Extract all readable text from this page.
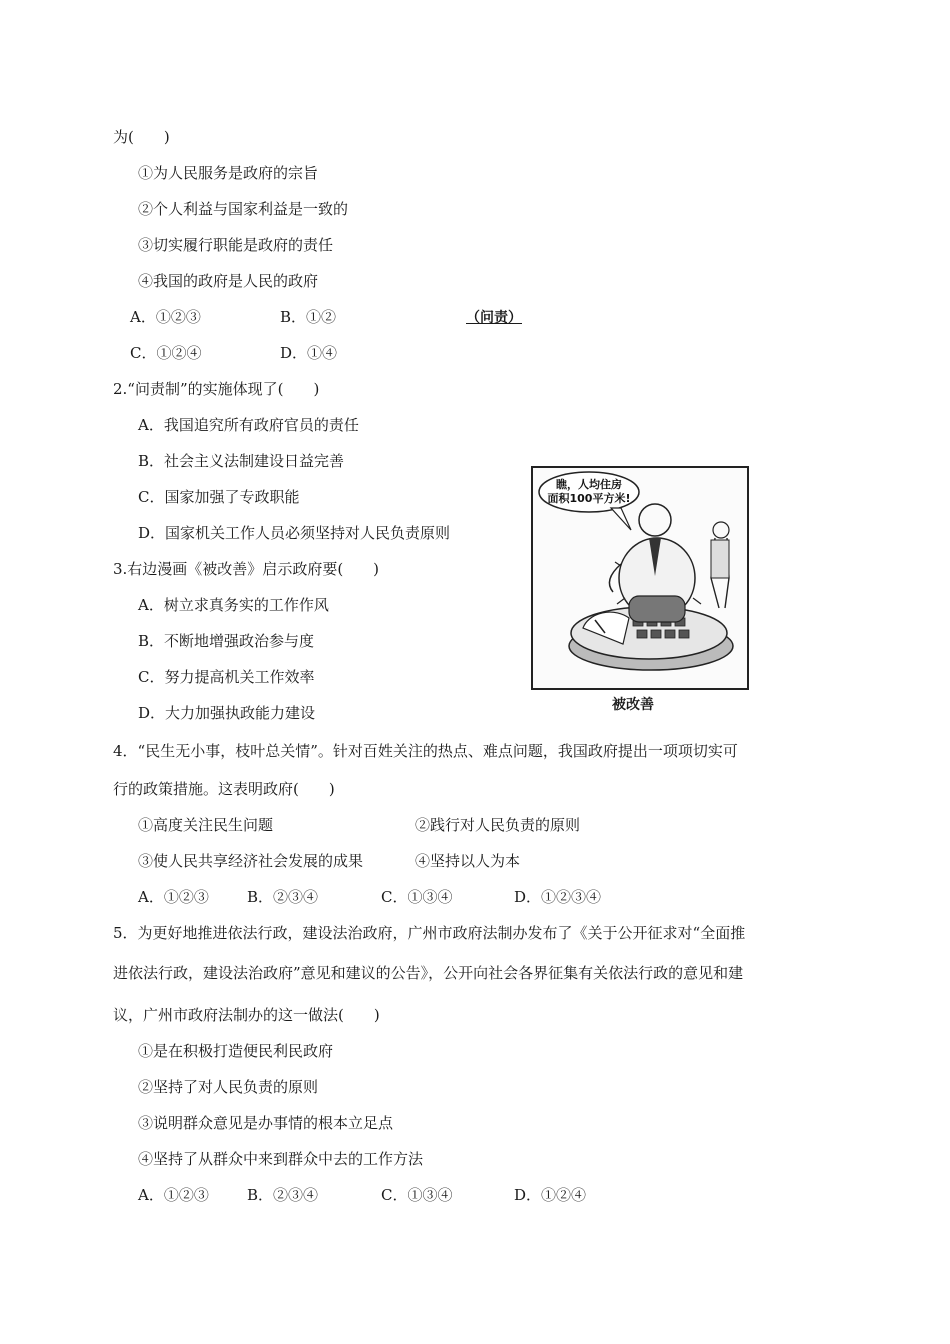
为(　　)
①为人民服务是政府的宗旨
②个人利益与国家利益是一致的
③切实履行职能是政府的责任
④我国的政府是人民的政府
A．①②③	B．①②	（问责）
C．①②④	D．①④
2.“问责制”的实施体现了(　　)
A．我国追究所有政府官员的责任
B．社会主义法制建设日益完善
C．国家加强了专政职能
D．国家机关工作人员必须坚持对人民负责原则
3.右边漫画《被改善》启示政府要(　　)
A．树立求真务实的工作作风
B．不断地增强政治参与度
C．努力提高机关工作效率
D．大力加强执政能力建设
瞧，人均住房
面积100平方米!
被改善
4．“民生无小事，枝叶总关情”。针对百姓关注的热点、难点问题，我国政府提出一项项切实可
行的政策措施。这表明政府(　　)
①高度关注民生问题	②践行对人民负责的原则
③使人民共享经济社会发展的成果	④坚持以人为本
A．①②③	B．②③④	C．①③④	D．①②③④
5．为更好地推进依法行政，建设法治政府，广州市政府法制办发布了《关于公开征求对“全面推
进依法行政，建设法治政府”意见和建议的公告》，公开向社会各界征集有关依法行政的意见和建
议，广州市政府法制办的这一做法(　　)
①是在积极打造便民利民政府
②坚持了对人民负责的原则
③说明群众意见是办事情的根本立足点
④坚持了从群众中来到群众中去的工作方法
A．①②③	B．②③④	C．①③④	D．①②④
